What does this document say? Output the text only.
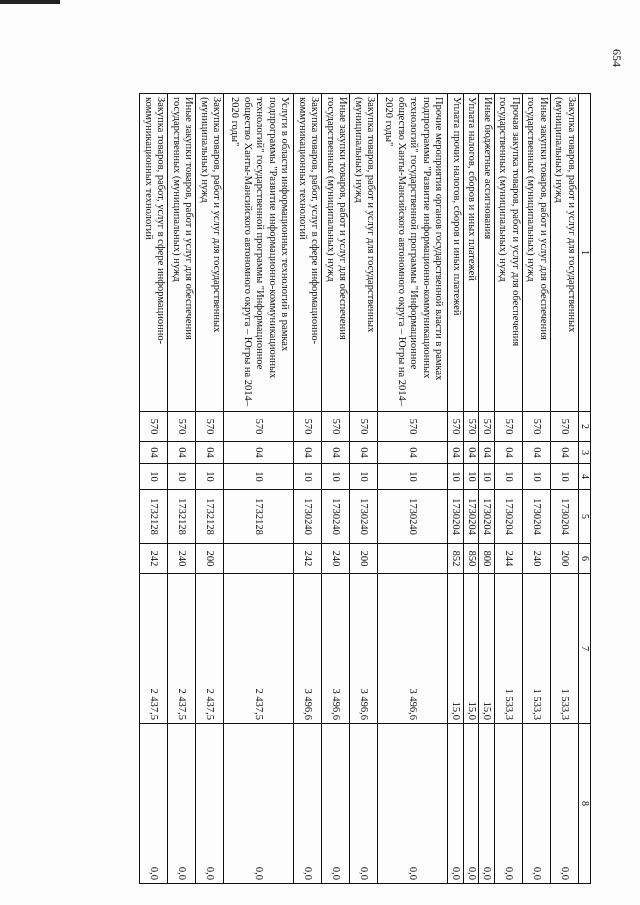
654
1	2	3	4	5	6	7	8
Закупка товаров, работ и услуг для государственных (муниципальных) нужд	570	04	10	1730204	200	1 533,3	0,0
Иные закупки товаров, работ и услуг для обеспечения государственных (муниципальных) нужд	570	04	10	1730204	240	1 533,3	0,0
Прочая закупка товаров, работ и услуг для обеспечения государственных (муниципальных) нужд	570	04	10	1730204	244	1 533,3	0,0
Иные бюджетные ассигнования	570	04	10	1730204	800	15,0	0,0
Уплата налогов, сборов и иных платежей	570	04	10	1730204	850	15,0	0,0
Уплата прочих налогов, сборов и иных платежей	570	04	10	1730204	852	15,0	0,0
Прочие мероприятия органов государственной власти в рамках подпрограммы "Развитие информационно-коммуникационных технологий" государственной программы "Информационное общество Ханты-Мансийского автономного округа – Югры на 2014–2020 годы"	570	04	10	1730240		3 496,6	0,0
Закупка товаров, работ и услуг для государственных (муниципальных) нужд	570	04	10	1730240	200	3 496,6	0,0
Иные закупки товаров, работ и услуг для обеспечения государственных (муниципальных) нужд	570	04	10	1730240	240	3 496,6	0,0
Закупка товаров, работ, услуг в сфере информационно-коммуникационных технологий	570	04	10	1730240	242	3 496,6	0,0
Услуги в области информационных технологий в рамках подпрограммы "Развитие информационно-коммуникационных технологий" государственной программы "Информационное общество Ханты-Мансийского автономного округа – Югры на 2014–2020 годы"	570	04	10	1732128		2 437,5	0,0
Закупка товаров, работ и услуг для государственных (муниципальных) нужд	570	04	10	1732128	200	2 437,5	0,0
Иные закупки товаров, работ и услуг для обеспечения государственных (муниципальных) нужд	570	04	10	1732128	240	2 437,5	0,0
Закупка товаров, работ, услуг в сфере информационно-коммуникационных технологий	570	04	10	1732128	242	2 437,5	0,0
